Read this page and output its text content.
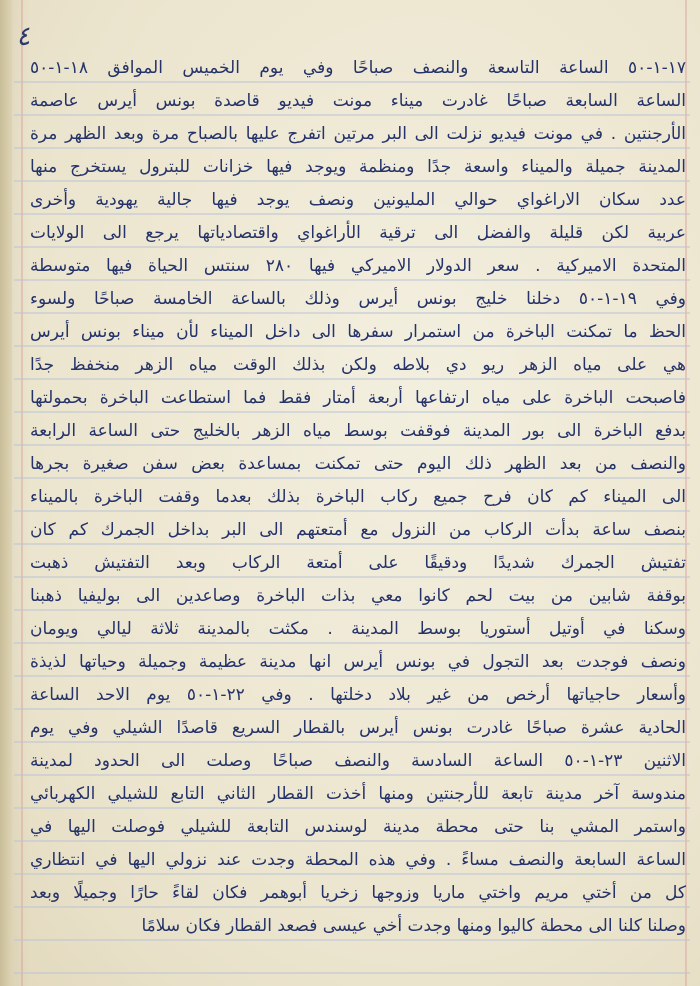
٤
١٧-١-٥٠ الساعة التاسعة والنصف صباحًا وفي يوم الخميس الموافق ١٨-١-٥٠
الساعة السابعة صباحًا غادرت ميناء مونت فيديو قاصدة بونس أيرس عاصمة
الأرجنتين . في مونت فيديو نزلت الى البر مرتين اتفرج عليها بالصباح مرة وبعد الظهر مرة
المدينة جميلة والميناء واسعة جدًا ومنظمة ويوجد فيها خزانات للبترول يستخرج منها
عدد سكان الاراغواي حوالي المليونين ونصف يوجد فيها جالية يهودية وأخرى
عربية لكن قليلة والفضل الى ترقية الأراغواي واقتصادياتها يرجع الى الولايات
المتحدة الاميركية . سعر الدولار الاميركي فيها ٢٨٠ سنتس الحياة فيها متوسطة
وفي ١٩-١-٥٠ دخلنا خليج بونس أيرس وذلك بالساعة الخامسة صباحًا ولسوء
الحظ ما تمكنت الباخرة من استمرار سفرها الى داخل الميناء لأن ميناء بونس أيرس
هي على مياه الزهر ريو دي بلاطه ولكن بذلك الوقت مياه الزهر منخفظ جدًا
فاصبحت الباخرة على مياه ارتفاعها أربعة أمتار فقط فما استطاعت الباخرة بحمولتها
بدفع الباخرة الى بور المدينة فوقفت بوسط مياه الزهر بالخليج حتى الساعة الرابعة
والنصف من بعد الظهر ذلك اليوم حتى تمكنت بمساعدة بعض سفن صغيرة بجرها
الى الميناء كم كان فرح جميع ركاب الباخرة بذلك بعدما وقفت الباخرة بالميناء
بنصف ساعة بدأت الركاب من النزول مع أمتعتهم الى البر بداخل الجمرك كم كان
تفتيش الجمرك شديدًا ودقيقًا على أمتعة الركاب وبعد التفتيش ذهبت
بوقفة شابين من بيت لحم كانوا معي بذات الباخرة وصاعدين الى بوليفيا ذهبنا
وسكنا في أوتيل أستوريا بوسط المدينة . مكثت بالمدينة ثلاثة ليالي ويومان
ونصف فوجدت بعد التجول في بونس أيرس انها مدينة عظيمة وجميلة وحياتها لذيذة
وأسعار حاجياتها أرخص من غير بلاد دخلتها . وفي ٢٢-١-٥٠ يوم الاحد الساعة
الحادية عشرة صباحًا غادرت بونس أيرس بالقطار السريع قاصدًا الشيلي وفي يوم
الاثنين ٢٣-١-٥٠ الساعة السادسة والنصف صباحًا وصلت الى الحدود لمدينة
مندوسة آخر مدينة تابعة للأرجنتين ومنها أخذت القطار الثاني التابع للشيلي الكهربائي
واستمر المشي بنا حتى محطة مدينة لوسندس التابعة للشيلي فوصلت اليها في
الساعة السابعة والنصف مساءً . وفي هذه المحطة وجدت عند نزولي اليها في انتظاري
كل من أختي مريم واختي ماريا وزوجها زخريا أبوهمر فكان لقاءً حارًا وجميلًا وبعد
وصلنا كلنا الى محطة كاليوا ومنها وجدت أخي عيسى فصعد القطار فكان سلامًا
